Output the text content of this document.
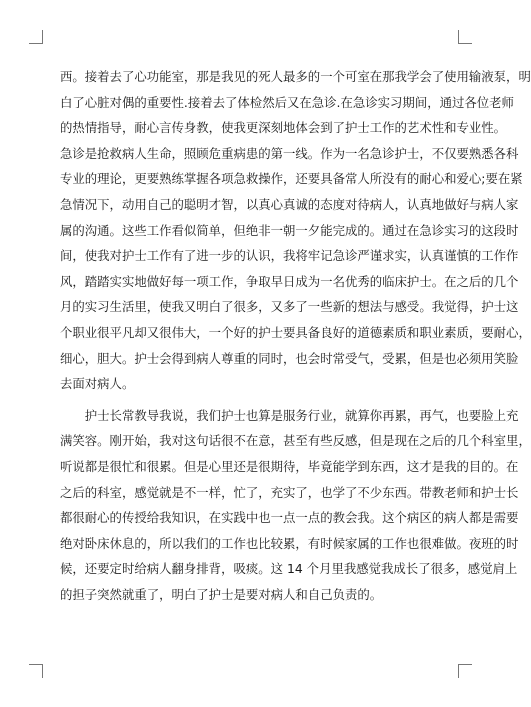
西。接着去了心功能室，那是我见的死人最多的一个可室在那我学会了使用输液泵，明
白了心脏对偶的重要性.接着去了体检然后又在急诊.在急诊实习期间，通过各位老师
的热情指导，耐心言传身教，使我更深刻地体会到了护士工作的艺术性和专业性。
急诊是抢救病人生命，照顾危重病患的第一线。作为一名急诊护士，不仅要熟悉各科
专业的理论，更要熟练掌握各项急救操作，还要具备常人所没有的耐心和爱心;要在紧
急情况下，动用自己的聪明才智，以真心真诚的态度对待病人，认真地做好与病人家
属的沟通。这些工作看似简单，但绝非一朝一夕能完成的。通过在急诊实习的这段时
间，使我对护士工作有了进一步的认识，我将牢记急诊严谨求实，认真谨慎的工作作
风，踏踏实实地做好每一项工作，争取早日成为一名优秀的临床护士。在之后的几个
月的实习生活里，使我又明白了很多，又多了一些新的想法与感受。我觉得，护士这
个职业很平凡却又很伟大，一个好的护士要具备良好的道德素质和职业素质，要耐心，
细心，胆大。护士会得到病人尊重的同时，也会时常受气，受累，但是也必须用笑脸
去面对病人。
　　护士长常教导我说，我们护士也算是服务行业，就算你再累，再气，也要脸上充
满笑容。刚开始，我对这句话很不在意，甚至有些反感，但是现在之后的几个科室里，
听说都是很忙和很累。但是心里还是很期待，毕竟能学到东西，这才是我的目的。在
之后的科室，感觉就是不一样，忙了，充实了，也学了不少东西。带教老师和护士长
都很耐心的传授给我知识，在实践中也一点一点的教会我。这个病区的病人都是需要
绝对卧床休息的，所以我们的工作也比较累，有时候家属的工作也很难做。夜班的时
候，还要定时给病人翻身排背，吸痰。这 14 个月里我感觉我成长了很多，感觉肩上
的担子突然就重了，明白了护士是要对病人和自己负责的。
